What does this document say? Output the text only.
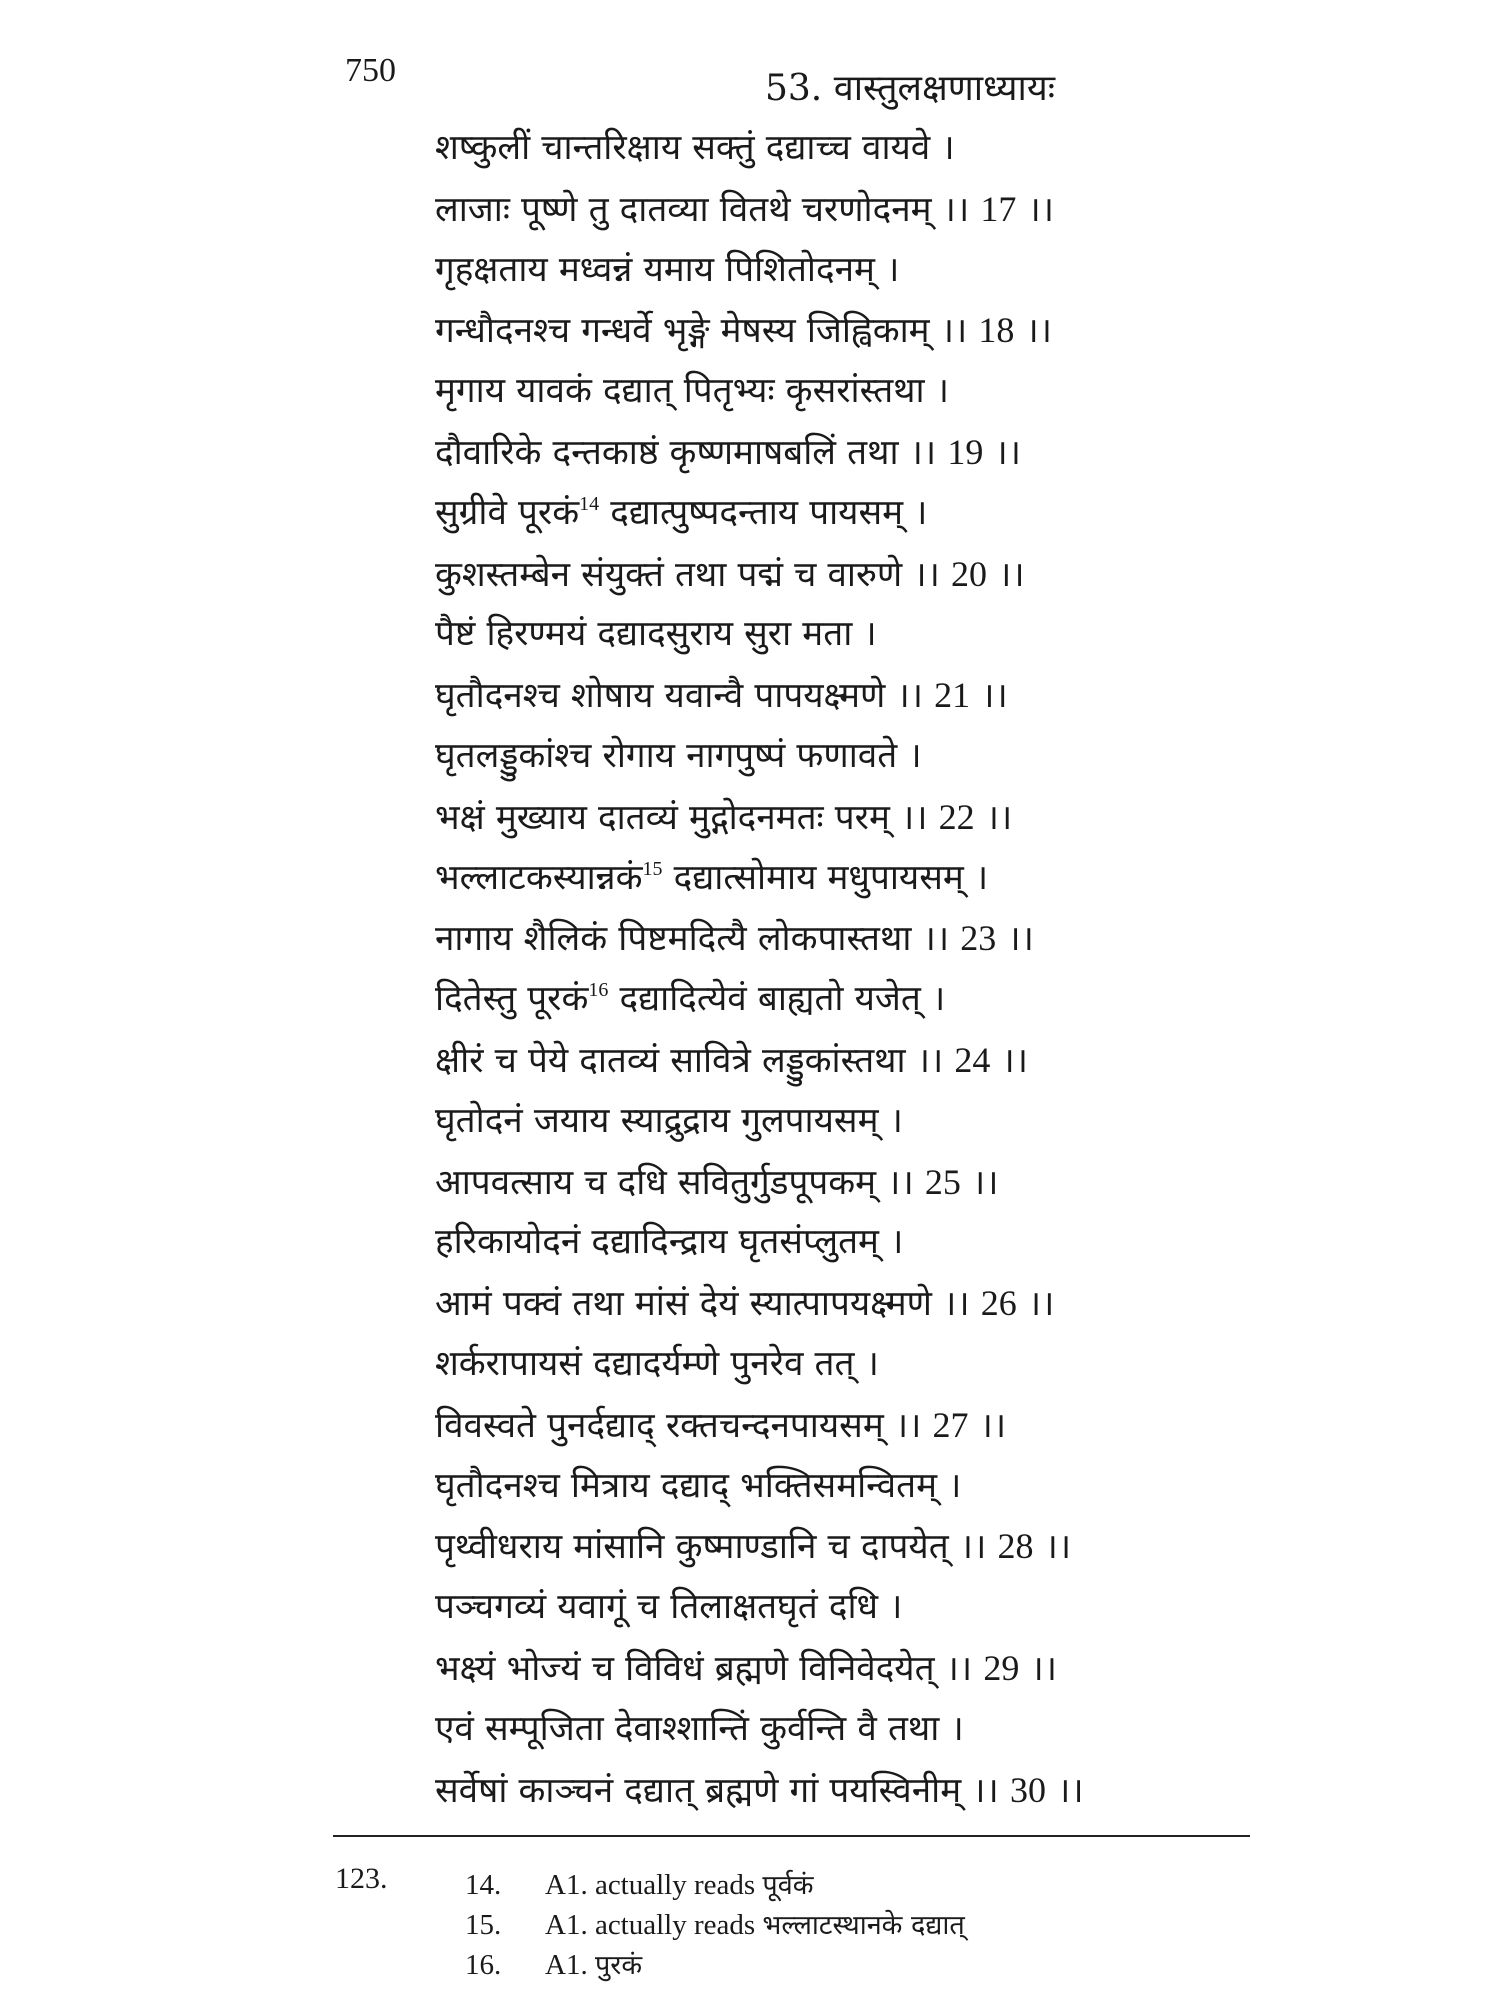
750	53. वास्तुलक्षणाध्यायः
शष्कुलीं चान्तरिक्षाय सक्तुं दद्याच्च वायवे ।
लाजाः पूष्णे तु दातव्या वितथे चरणोदनम् ।। 17 ।।
गृहक्षताय मध्वन्नं यमाय पिशितोदनम् ।
गन्धौदनश्च गन्धर्वे भृङ्गे मेषस्य जिह्विकाम् ।। 18 ।।
मृगाय यावकं दद्यात् पितृभ्यः कृसरांस्तथा ।
दौवारिके दन्तकाष्ठं कृष्णमाषबलिं तथा ।। 19 ।।
सुग्रीवे पूरकं$^{14}$ दद्यात्पुष्पदन्ताय पायसम् ।
कुशस्तम्बेन संयुक्तं तथा पद्मं च वारुणे ।। 20 ।।
पैष्टं हिरण्मयं दद्यादसुराय सुरा मता ।
घृतौदनश्च शोषाय यवान्वै पापयक्ष्मणे ।। 21 ।।
घृतलड्डुकांश्च रोगाय नागपुष्पं फणावते ।
भक्षं मुख्याय दातव्यं मुद्गोदनमतः परम् ।। 22 ।।
भल्लाटकस्यान्नकं$^{15}$ दद्यात्सोमाय मधुपायसम् ।
नागाय शैलिकं पिष्टमदित्यै लोकपास्तथा ।। 23 ।।
दितेस्तु पूरकं$^{16}$ दद्यादित्येवं बाह्यतो यजेत् ।
क्षीरं च पेये दातव्यं सावित्रे लड्डुकांस्तथा ।। 24 ।।
घृतोदनं जयाय स्याद्रुद्राय गुलपायसम् ।
आपवत्साय च दधि सवितुर्गुडपूपकम् ।। 25 ।।
हरिकायोदनं दद्यादिन्द्राय घृतसंप्लुतम् ।
आमं पक्वं तथा मांसं देयं स्यात्पापयक्ष्मणे ।। 26 ।।
शर्करापायसं दद्यादर्यम्णे पुनरेव तत् ।
विवस्वते पुनर्दद्याद् रक्तचन्दनपायसम् ।। 27 ।।
घृतौदनश्च मित्राय दद्याद् भक्तिसमन्वितम् ।
पृथ्वीधराय मांसानि कुष्माण्डानि च दापयेत् ।। 28 ।।
पञ्चगव्यं यवागूं च तिलाक्षतघृतं दधि ।
भक्ष्यं भोज्यं च विविधं ब्रह्मणे विनिवेदयेत् ।। 29 ।।
एवं सम्पूजिता देवाश्शान्तिं कुर्वन्ति वै तथा ।
सर्वेषां काञ्चनं दद्यात् ब्रह्मणे गां पयस्विनीम् ।। 30 ।।
123.	14. A1. actually reads पूर्वकं
15. A1. actually reads भल्लाटस्थानके दद्यात्
16. A1. पुरकं
